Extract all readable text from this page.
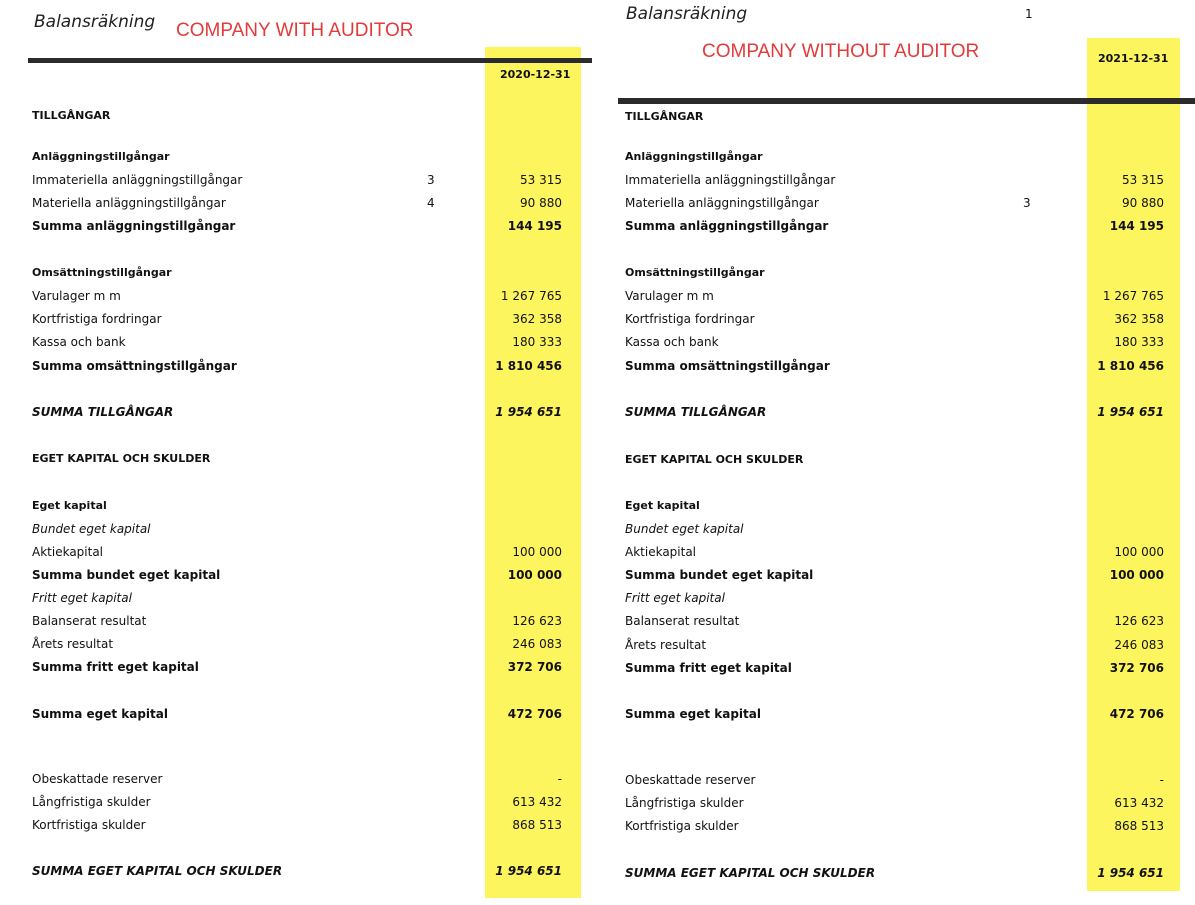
Balansräkning COMPANY WITH AUDITOR
2020-12-31
TILLGÅNGAR
Anläggningstillgångar
Immateriella anläggningstillgångar	3	53 315
Materiella anläggningstillgångar	4	90 880
Summa anläggningstillgångar	144 195
Omsättningstillgångar
Varulager m m	1 267 765
Kortfristiga fordringar	362 358
Kassa och bank	180 333
Summa omsättningstillgångar	1 810 456
SUMMA TILLGÅNGAR	1 954 651
EGET KAPITAL OCH SKULDER
Eget kapital
Bundet eget kapital
Aktiekapital	100 000
Summa bundet eget kapital	100 000
Fritt eget kapital
Balanserat resultat	126 623
Årets resultat	246 083
Summa fritt eget kapital	372 706
Summa eget kapital	472 706
Obeskattade reserver	-
Långfristiga skulder	613 432
Kortfristiga skulder	868 513
SUMMA EGET KAPITAL OCH SKULDER	1 954 651
Balansräkning	1
COMPANY WITHOUT AUDITOR	2021-12-31
TILLGÅNGAR
Anläggningstillgångar
Immateriella anläggningstillgångar	53 315
Materiella anläggningstillgångar	3	90 880
Summa anläggningstillgångar	144 195
Omsättningstillgångar
Varulager m m	1 267 765
Kortfristiga fordringar	362 358
Kassa och bank	180 333
Summa omsättningstillgångar	1 810 456
SUMMA TILLGÅNGAR	1 954 651
EGET KAPITAL OCH SKULDER
Eget kapital
Bundet eget kapital
Aktiekapital	100 000
Summa bundet eget kapital	100 000
Fritt eget kapital
Balanserat resultat	126 623
Årets resultat	246 083
Summa fritt eget kapital	372 706
Summa eget kapital	472 706
Obeskattade reserver	-
Långfristiga skulder	613 432
Kortfristiga skulder	868 513
SUMMA EGET KAPITAL OCH SKULDER	1 954 651
